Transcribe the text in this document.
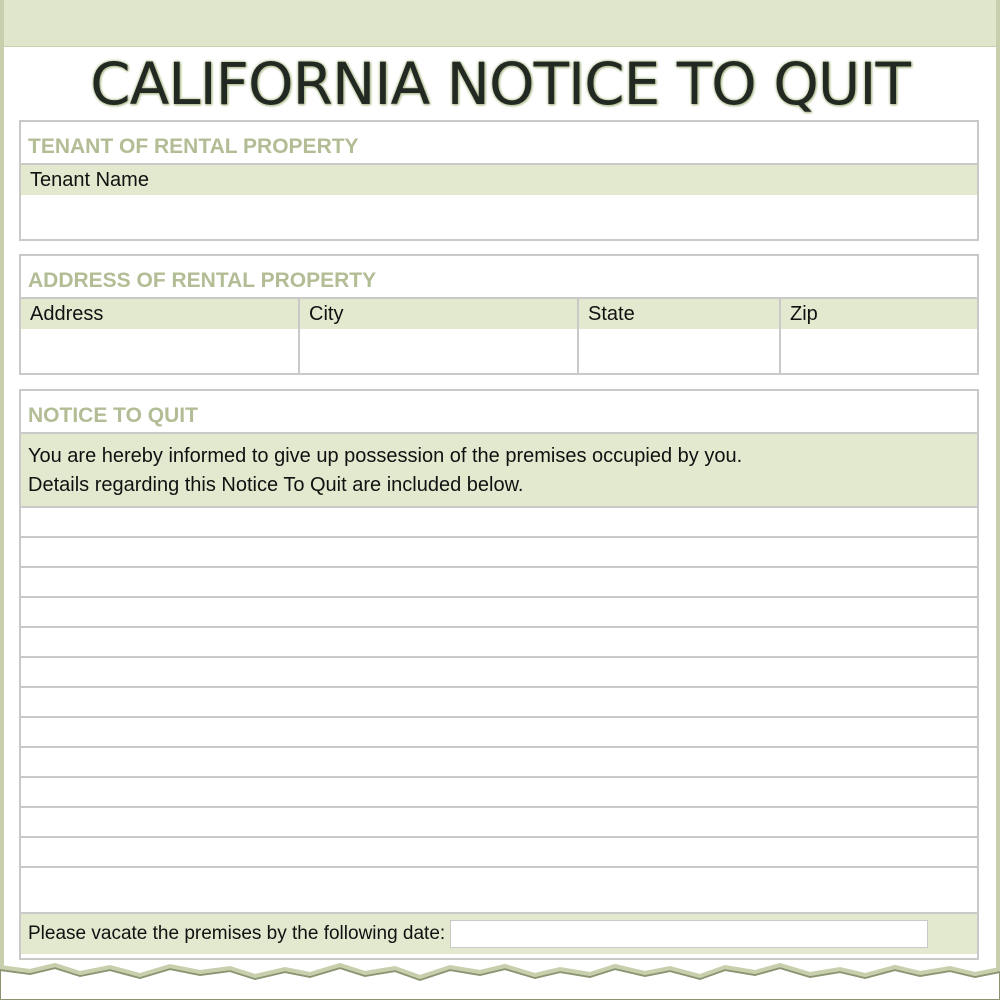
CALIFORNIA NOTICE TO QUIT
TENANT OF RENTAL PROPERTY
Tenant Name
ADDRESS OF RENTAL PROPERTY
Address	City	State	Zip
NOTICE TO QUIT
You are hereby informed to give up possession of the premises occupied by you.
Details regarding this Notice To Quit are included below.
Please vacate the premises by the following date:
